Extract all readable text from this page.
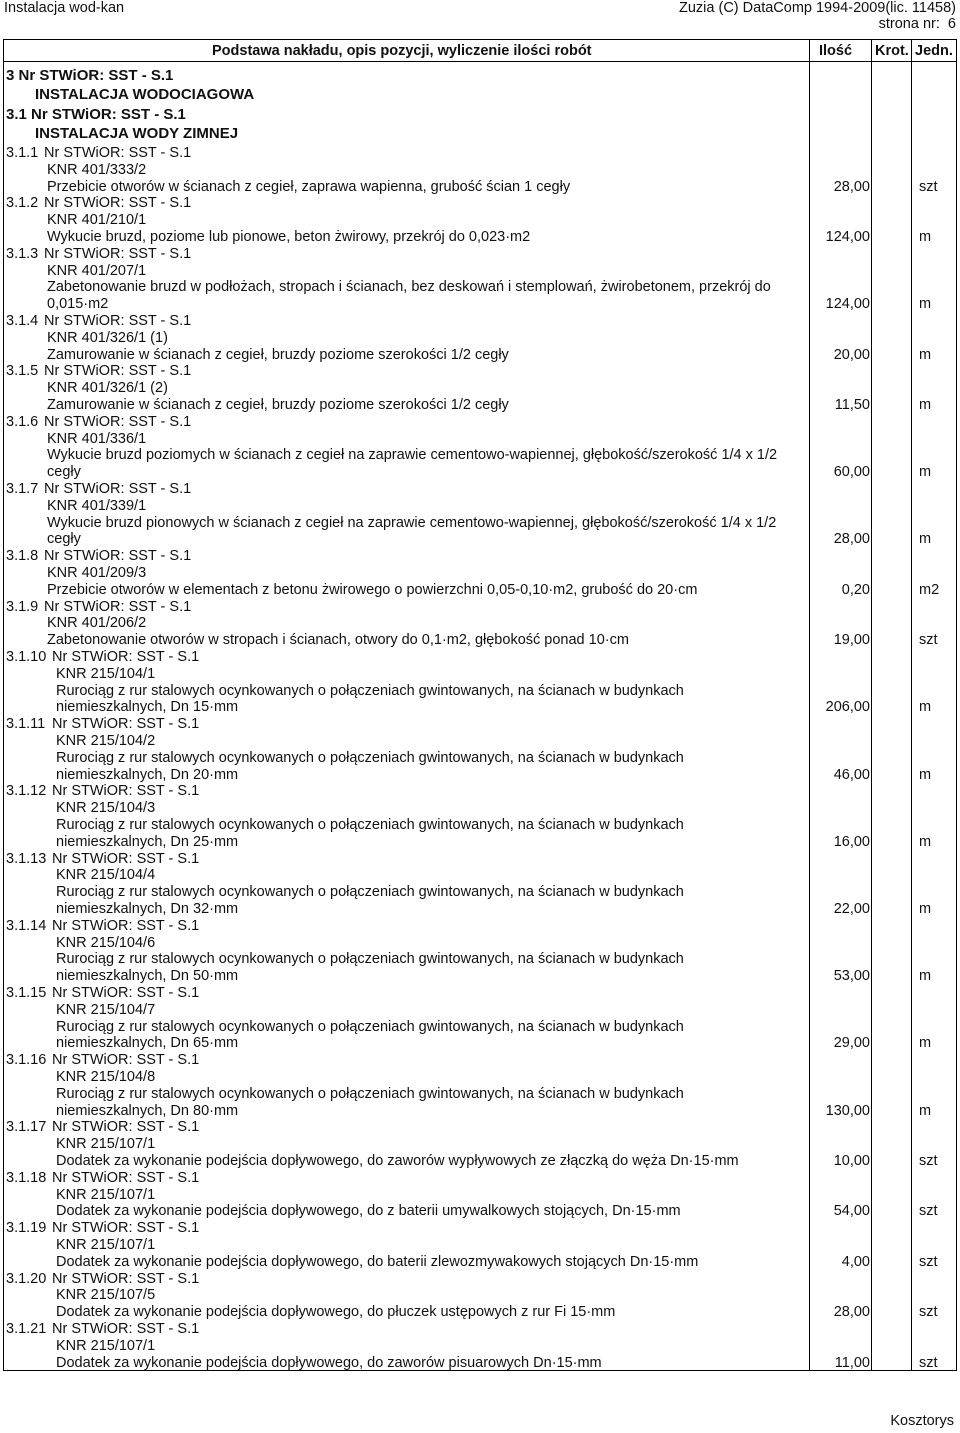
Instalacja wod-kan	Zuzia (C) DataComp 1994-2009(lic. 11458)
strona nr: 6
Podstawa nakładu, opis pozycji, wyliczenie ilości robót	Ilość Krot. Jedn.
3 Nr STWiOR: SST - S.1
INSTALACJA WODOCIAGOWA
3.1 Nr STWiOR: SST - S.1
INSTALACJA WODY ZIMNEJ
3.1.1 Nr STWiOR: SST - S.1
KNR 401/333/2
Przebicie otworów w ścianach z cegieł, zaprawa wapienna, grubość ścian 1 cegły	28,00	szt
3.1.2 Nr STWiOR: SST - S.1
KNR 401/210/1
Wykucie bruzd, poziome lub pionowe, beton żwirowy, przekrój do 0,023·m2	124,00	m
3.1.3 Nr STWiOR: SST - S.1
KNR 401/207/1
Zabetonowanie bruzd w podłożach, stropach i ścianach, bez deskowań i stemplowań, żwirobetonem, przekrój do
0,015·m2	124,00	m
3.1.4 Nr STWiOR: SST - S.1
KNR 401/326/1 (1)
Zamurowanie w ścianach z cegieł, bruzdy poziome szerokości 1/2 cegły	20,00	m
3.1.5 Nr STWiOR: SST - S.1
KNR 401/326/1 (2)
Zamurowanie w ścianach z cegieł, bruzdy poziome szerokości 1/2 cegły	11,50	m
3.1.6 Nr STWiOR: SST - S.1
KNR 401/336/1
Wykucie bruzd poziomych w ścianach z cegieł na zaprawie cementowo-wapiennej, głębokość/szerokość 1/4 x 1/2
cegły	60,00	m
3.1.7 Nr STWiOR: SST - S.1
KNR 401/339/1
Wykucie bruzd pionowych w ścianach z cegieł na zaprawie cementowo-wapiennej, głębokość/szerokość 1/4 x 1/2
cegły	28,00	m
3.1.8 Nr STWiOR: SST - S.1
KNR 401/209/3
Przebicie otworów w elementach z betonu żwirowego o powierzchni 0,05-0,10·m2, grubość do 20·cm	0,20	m2
3.1.9 Nr STWiOR: SST - S.1
KNR 401/206/2
Zabetonowanie otworów w stropach i ścianach, otwory do 0,1·m2, głębokość ponad 10·cm	19,00	szt
3.1.10 Nr STWiOR: SST - S.1
KNR 215/104/1
Rurociąg z rur stalowych ocynkowanych o połączeniach gwintowanych, na ścianach w budynkach
niemieszkalnych, Dn 15·mm	206,00	m
3.1.11 Nr STWiOR: SST - S.1
KNR 215/104/2
Rurociąg z rur stalowych ocynkowanych o połączeniach gwintowanych, na ścianach w budynkach
niemieszkalnych, Dn 20·mm	46,00	m
3.1.12 Nr STWiOR: SST - S.1
KNR 215/104/3
Rurociąg z rur stalowych ocynkowanych o połączeniach gwintowanych, na ścianach w budynkach
niemieszkalnych, Dn 25·mm	16,00	m
3.1.13 Nr STWiOR: SST - S.1
KNR 215/104/4
Rurociąg z rur stalowych ocynkowanych o połączeniach gwintowanych, na ścianach w budynkach
niemieszkalnych, Dn 32·mm	22,00	m
3.1.14 Nr STWiOR: SST - S.1
KNR 215/104/6
Rurociąg z rur stalowych ocynkowanych o połączeniach gwintowanych, na ścianach w budynkach
niemieszkalnych, Dn 50·mm	53,00	m
3.1.15 Nr STWiOR: SST - S.1
KNR 215/104/7
Rurociąg z rur stalowych ocynkowanych o połączeniach gwintowanych, na ścianach w budynkach
niemieszkalnych, Dn 65·mm	29,00	m
3.1.16 Nr STWiOR: SST - S.1
KNR 215/104/8
Rurociąg z rur stalowych ocynkowanych o połączeniach gwintowanych, na ścianach w budynkach
niemieszkalnych, Dn 80·mm	130,00	m
3.1.17 Nr STWiOR: SST - S.1
KNR 215/107/1
Dodatek za wykonanie podejścia dopływowego, do zaworów wypływowych ze złączką do węża Dn·15·mm	10,00	szt
3.1.18 Nr STWiOR: SST - S.1
KNR 215/107/1
Dodatek za wykonanie podejścia dopływowego, do z baterii umywalkowych stojących, Dn·15·mm	54,00	szt
3.1.19 Nr STWiOR: SST - S.1
KNR 215/107/1
Dodatek za wykonanie podejścia dopływowego, do baterii zlewozmywakowych stojących Dn·15·mm	4,00	szt
3.1.20 Nr STWiOR: SST - S.1
KNR 215/107/5
Dodatek za wykonanie podejścia dopływowego, do płuczek ustępowych z rur Fi 15·mm	28,00	szt
3.1.21 Nr STWiOR: SST - S.1
KNR 215/107/1
Dodatek za wykonanie podejścia dopływowego, do zaworów pisuarowych Dn·15·mm	11,00	szt
Kosztorys
